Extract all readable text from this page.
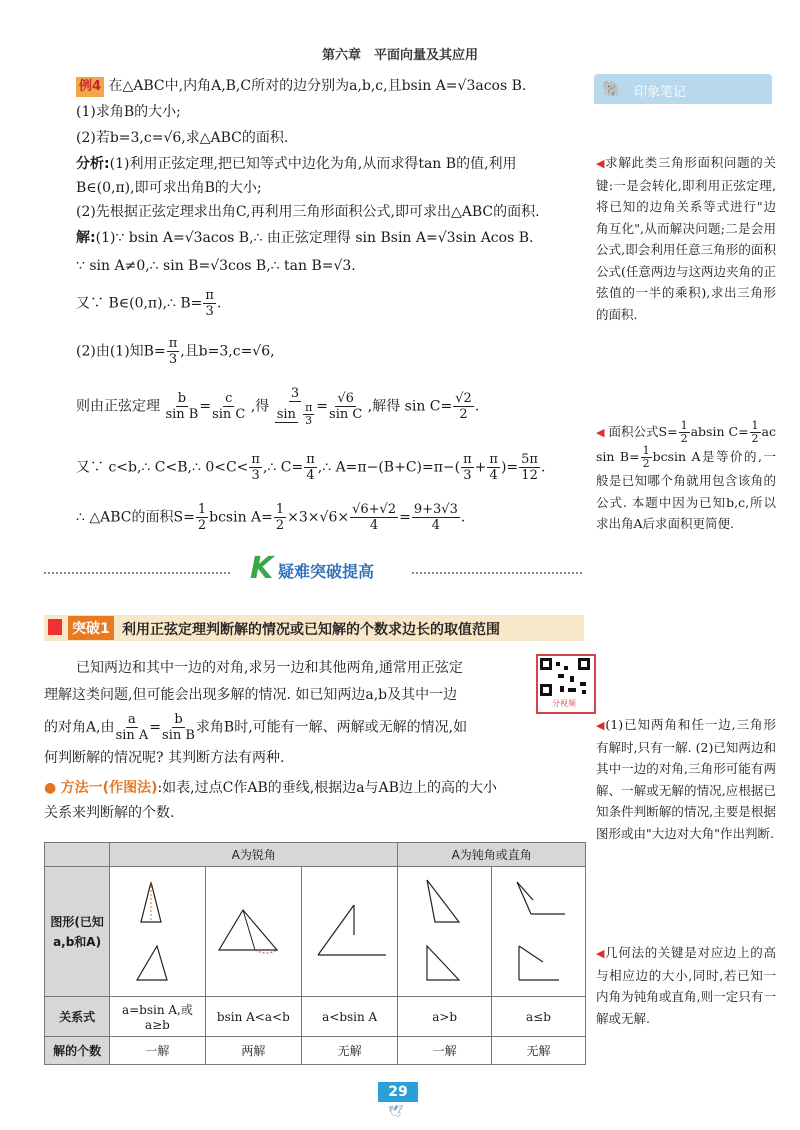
第六章　平面向量及其应用
🐘 印象笔记
例4 在△ABC中,内角A,B,C所对的边分别为a,b,c,且bsin A=√3acos B.
(1)求角B的大小;
(2)若b=3,c=√6,求△ABC的面积.
分析:(1)利用正弦定理,把已知等式中边化为角,从而求得tan B的值,利用
B∈(0,π),即可求出角B的大小;
(2)先根据正弦定理求出角C,再利用三角形面积公式,即可求出△ABC的面积.
解:(1)∵ bsin A=√3acos B,∴ 由正弦定理得 sin Bsin A=√3sin Acos B.
∵ sin A≠0,∴ sin B=√3cos B,∴ tan B=√3.
又∵ B∈(0,π),∴ $B= \frac{\pi}{3}$ .
(2)由(1)知$B= \frac{\pi}{3}$ ,且b=3,c=√6,
则由正弦定理 $\frac{b}{\text{sin B}} = \frac{c}{\text{sin C}}$ ,得 $\frac{3}{\sin \frac{\pi}{3}} = \frac{√6}{\text{sin C}}$ ,解得 $\sin C= \frac{√2}{2}$ .
又∵ c<b,∴ C<B,∴ $0<C< \frac{\pi}{3}$ ,∴ $C= \frac{\pi}{4}$ ,∴ $A=\pi-(B+C)=\pi-( \frac{\pi}{3} + \frac{\pi}{4}$ )= $\frac{5\pi}{12}$ .
∴ △ABC的面积$S= \frac{1}{2}$ bcsin $A= \frac{1}{2} \times 3\times√6\times \frac{√6+√2}{4} = \frac{9+3√3}{4}$ .
K 疑难突破提高
突破1 利用正弦定理判断解的情况或已知解的个数求边长的取值范围
已知两边和其中一边的对角,求另一边和其他两角,通常用正弦定
理解这类问题,但可能会出现多解的情况. 如已知两边a,b及其中一边
的对角A,由 $\frac{a}{\text{sin A}} = \frac{b}{\text{sin B}}$ 求角B时,可能有一解、两解或无解的情况,如
何判断解的情况呢? 其判断方法有两种.
● 方法一(作图法):如表,过点C作AB的垂线,根据边a与AB边上的高的大小
关系来判断解的个数.
分视频
	A为锐角			A为钝角或直角	
图形(已知a,b和A)					
关系式	a=bsin A,或a≥b	bsin A<a<b	a<bsin A	a>b	a≤b
解的个数	一解	两解	无解	一解	无解
◀求解此类三角形面积问题的关键:一是会转化,即利用正弦定理,将已知的边角关系等式进行"边角互化",从而解决问题;二是会用公式,即会利用任意三角形的面积公式(任意两边与这两边夹角的正弦值的一半的乘积),求出三角形的面积.
◀ 面积公式$S= \frac{1}{2}$ absin $C= \frac{1}{2}$ ac $\sin B= \frac{1}{2}$ bcsin A是等价的,一般是已知哪个角就用包含该角的公式. 本题中因为已知b,c,所以求出角A后求面积更简便.
◀(1)已知两角和任一边,三角形有解时,只有一解. (2)已知两边和其中一边的对角,三角形可能有两解、一解或无解的情况,应根据已知条件判断解的情况,主要是根据图形或由"大边对大角"作出判断.
◀几何法的关键是对应边上的高与相应边的大小,同时,若已知一内角为钝角或直角,则一定只有一解或无解.
29
🕊
